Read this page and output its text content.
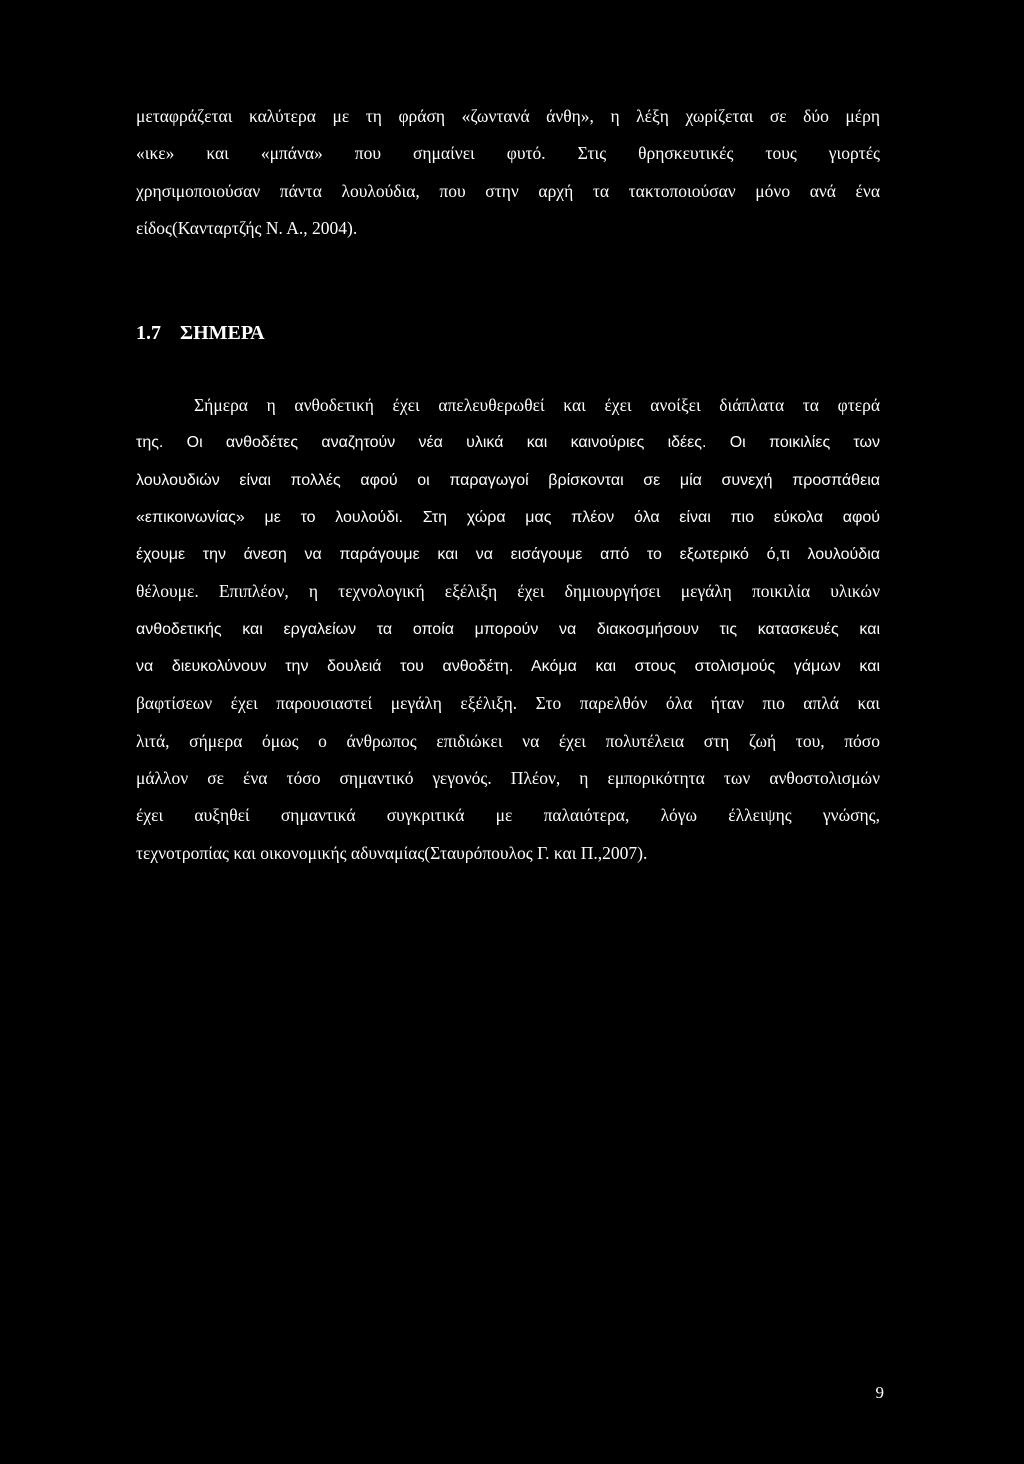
μεταφράζεται καλύτερα με τη φράση «ζωντανά άνθη», η λέξη χωρίζεται σε δύο μέρη
«ικε» και «μπάνα» που σημαίνει φυτό. Στις θρησκευτικές τους γιορτές
χρησιμοποιούσαν πάντα λουλούδια, που στην αρχή τα τακτοποιούσαν μόνο ανά ένα
είδος(Κανταρτζής Ν. Α., 2004).
1.7 ΣΗΜΕΡΑ
Σήμερα η ανθοδετική έχει απελευθερωθεί και έχει ανοίξει διάπλατα τα φτερά
της. Οι ανθοδέτες αναζητούν νέα υλικά και καινούριες ιδέες. Οι ποικιλίες των
λουλουδιών είναι πολλές αφού οι παραγωγοί βρίσκονται σε μία συνεχή προσπάθεια
«επικοινωνίας» με το λουλούδι. Στη χώρα μας πλέον όλα είναι πιο εύκολα αφού
έχουμε την άνεση να παράγουμε και να εισάγουμε από το εξωτερικό ό,τι λουλούδια
θέλουμε. Επιπλέον, η τεχνολογική εξέλιξη έχει δημιουργήσει μεγάλη ποικιλία υλικών
ανθοδετικής και εργαλείων τα οποία μπορούν να διακοσμήσουν τις κατασκευές και
να διευκολύνουν την δουλειά του ανθοδέτη. Ακόμα και στους στολισμούς γάμων και
βαφτίσεων έχει παρουσιαστεί μεγάλη εξέλιξη. Στο παρελθόν όλα ήταν πιο απλά και
λιτά, σήμερα όμως ο άνθρωπος επιδιώκει να έχει πολυτέλεια στη ζωή του, πόσο
μάλλον σε ένα τόσο σημαντικό γεγονός. Πλέον, η εμπορικότητα των ανθοστολισμών
έχει αυξηθεί σημαντικά συγκριτικά με παλαιότερα, λόγω έλλειψης γνώσης,
τεχνοτροπίας και οικονομικής αδυναμίας(Σταυρόπουλος Γ. και Π.,2007).
9
